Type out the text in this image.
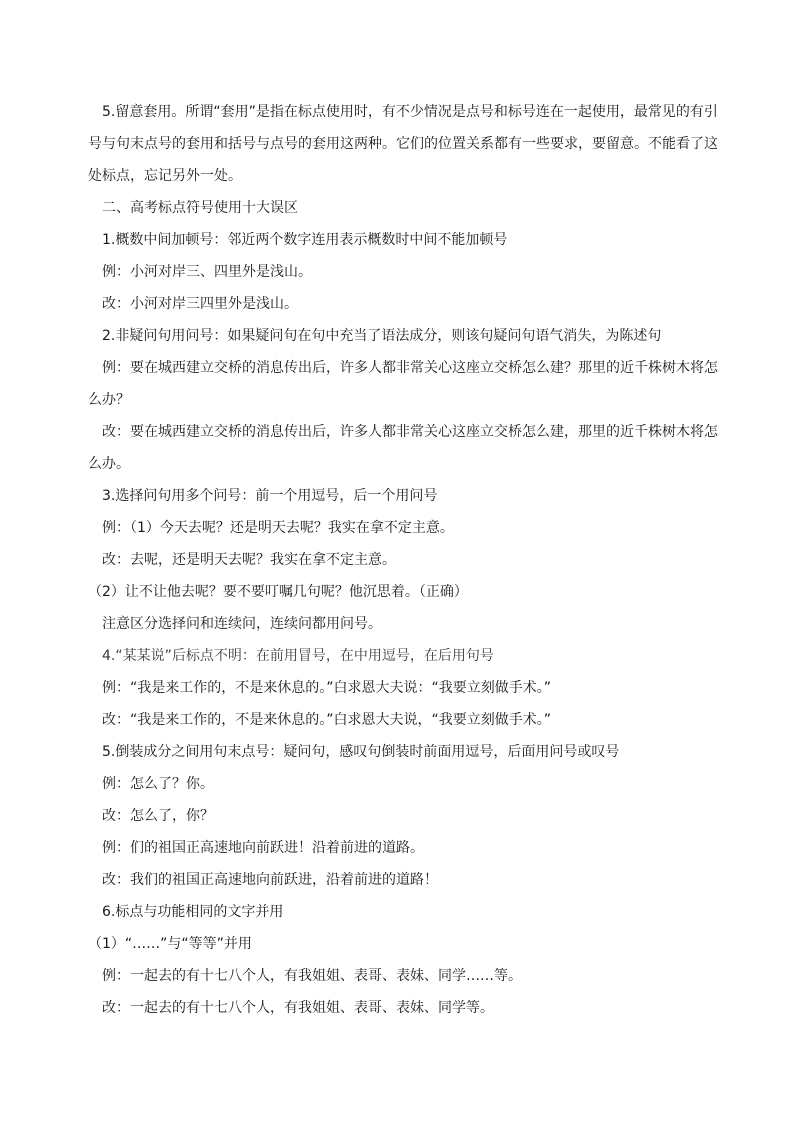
5.留意套用。所谓“套用”是指在标点使用时，有不少情况是点号和标号连在一起使用，最常见的有引号与句末点号的套用和括号与点号的套用这两种。它们的位置关系都有一些要求，要留意。不能看了这处标点，忘记另外一处。

二、高考标点符号使用十大误区

1.概数中间加顿号：邻近两个数字连用表示概数时中间不能加顿号

例：小河对岸三、四里外是浅山。

改：小河对岸三四里外是浅山。

2.非疑问句用问号：如果疑问句在句中充当了语法成分，则该句疑问句语气消失，为陈述句

例：要在城西建立交桥的消息传出后，许多人都非常关心这座立交桥怎么建？那里的近千株树木将怎么办？

改：要在城西建立交桥的消息传出后，许多人都非常关心这座立交桥怎么建，那里的近千株树木将怎么办。

3.选择问句用多个问号：前一个用逗号，后一个用问号

例：（1）今天去呢？还是明天去呢？我实在拿不定主意。

改：去呢，还是明天去呢？我实在拿不定主意。

（2）让不让他去呢？要不要叮嘱几句呢？他沉思着。（正确）

注意区分选择问和连续问，连续问都用问号。

4.“某某说”后标点不明：在前用冒号，在中用逗号，在后用句号

例：“我是来工作的，不是来休息的。”白求恩大夫说：“我要立刻做手术。”

改：“我是来工作的，不是来休息的。”白求恩大夫说，“我要立刻做手术。”

5.倒装成分之间用句末点号：疑问句，感叹句倒装时前面用逗号，后面用问号或叹号

例：怎么了？你。

改：怎么了，你？

例：们的祖国正高速地向前跃进！沿着前进的道路。

改：我们的祖国正高速地向前跃进，沿着前进的道路！

6.标点与功能相同的文字并用

（1）“……”与“等等”并用

例：一起去的有十七八个人，有我姐姐、表哥、表妹、同学……等。

改：一起去的有十七八个人，有我姐姐、表哥、表妹、同学等。
